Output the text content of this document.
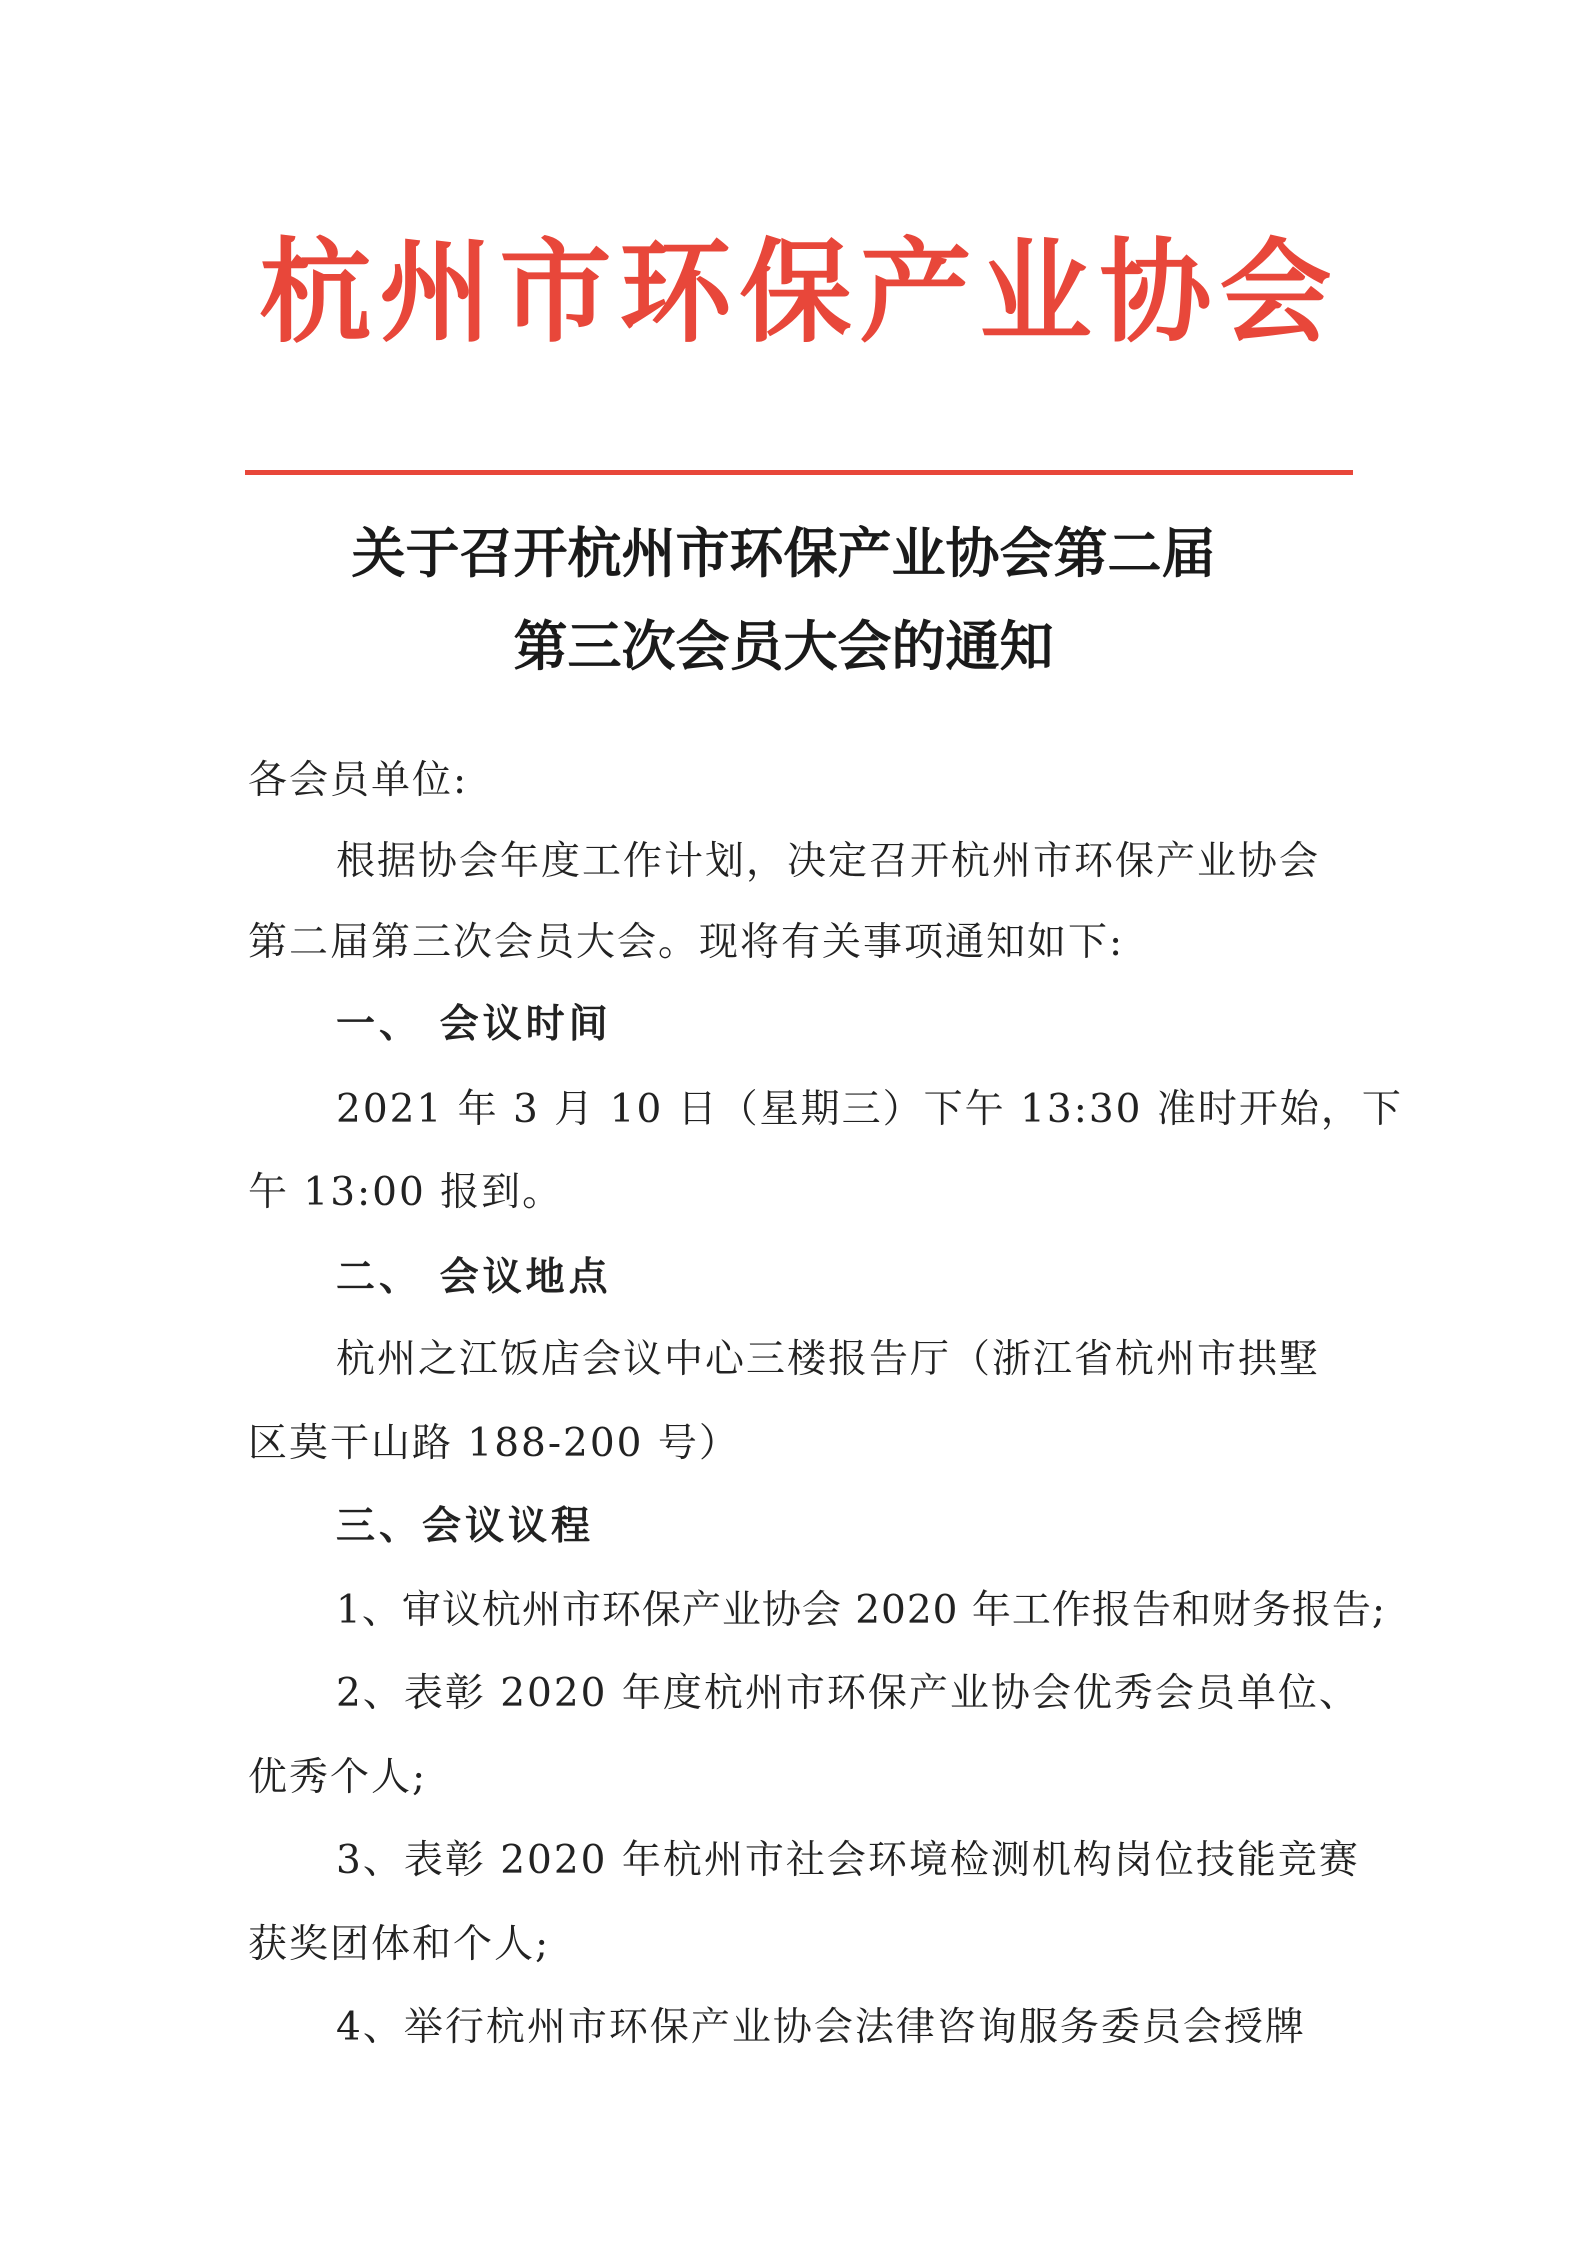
杭州市环保产业协会
关于召开杭州市环保产业协会第二届
第三次会员大会的通知

各会员单位:

根据协会年度工作计划，决定召开杭州市环保产业协会

第二届第三次会员大会。现将有关事项通知如下:

一、 会议时间

2021 年 3 月 10 日（星期三）下午 13:30 准时开始，下

午 13:00 报到。

二、 会议地点

杭州之江饭店会议中心三楼报告厅（浙江省杭州市拱墅

区莫干山路 188-200 号）

三、会议议程

1、审议杭州市环保产业协会 2020 年工作报告和财务报告;

2、表彰 2020 年度杭州市环保产业协会优秀会员单位、

优秀个人;

3、表彰 2020 年杭州市社会环境检测机构岗位技能竞赛

获奖团体和个人;

4、举行杭州市环保产业协会法律咨询服务委员会授牌
